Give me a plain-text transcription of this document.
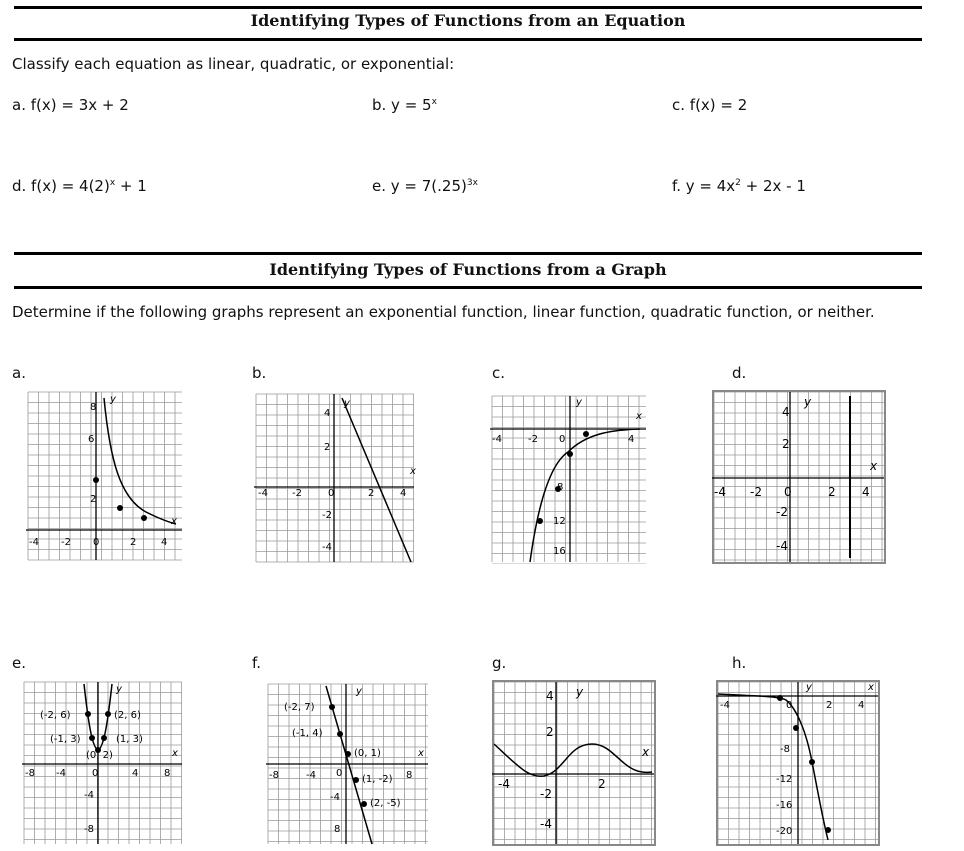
Identifying Types of Functions from an Equation
Classify each equation as linear, quadratic, or exponential:
a. f(x) = 3x + 2	b. $y = 5^x$	c. f(x) = 2
d. $f(x) = 4(2)^x + 1$	e. $y = 7(.25)^{3x}$	f. $y = 4x^2 + 2x - 1$
Identifying Types of Functions from a Graph
Determine if the following graphs represent an exponential function, linear function, quadratic function, or neither.
a.	b.	c.	d.
e.	f.	g.	h.
8
6
2
-4 -2 0	2 4
x
y
4
2
-4 -2	0	2	4
-2
-4
x
y
-4	-2 0	4
8
12
16
x
y
4
2
-4 -2 0	2 4
-2
-4
x
y
-8 -4	0	4	8
-4
-8
(-2, 6)	(2, 6)
(-1, 3)	(1, 3)
(0, 2)	x
y
-8	-4 0	8
-4
8
(-2, 7)
(-1, 4)
(0, 1)
(1, -2)
(2, -5)
x
y	4
2
-4	2
-2
-4
x
y
-4	0	2	4
-8
-12
-16
-20
x
y
